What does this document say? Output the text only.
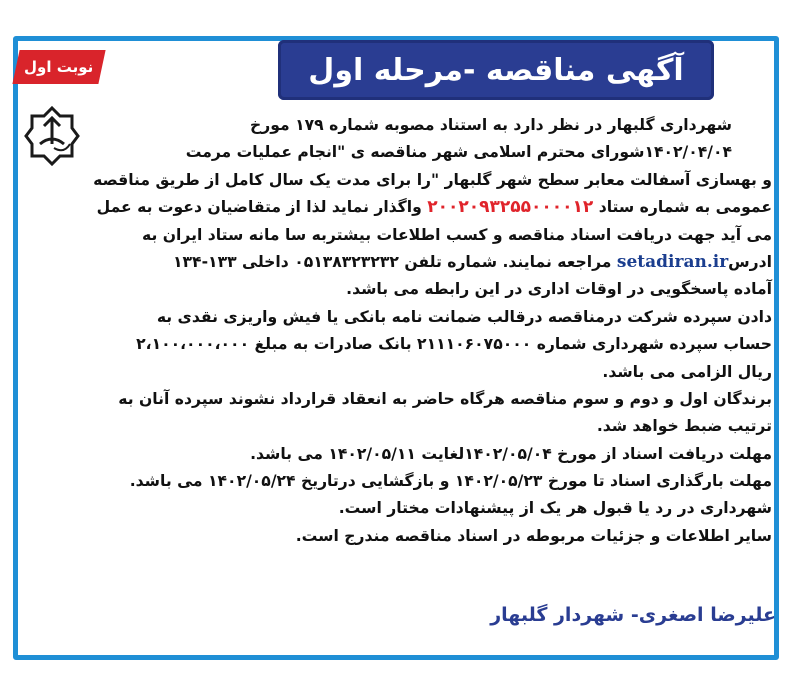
آگهی مناقصه -مرحله اول
نوبت اول
شهرداری گلبهار در نظر دارد به استناد مصوبه شماره ۱۷۹ مورخ
۱۴۰۲/۰۴/۰۴شورای محترم اسلامی شهر مناقصه ی "انجام عملیات مرمت
و بهسازی آسفالت معابر سطح شهر گلبهار "را برای مدت یک سال کامل از طریق مناقصه
عمومی به شماره ستاد ۲۰۰۲۰۹۳۲۵۵۰۰۰۰۱۲ واگذار نماید لذا از متقاضیان دعوت به عمل
می آید جهت دریافت اسناد مناقصه و کسب اطلاعات بیشتربه سا مانه ستاد ایران به
ادرسsetadiran.ir مراجعه نمایند. شماره تلفن ۰۵۱۳۸۳۲۳۲۳۲ داخلی ۱۳۳-۱۳۴
آماده پاسخگویی در اوقات اداری در این رابطه می باشد.
دادن سپرده شرکت درمناقصه درقالب ضمانت نامه بانکی یا فیش واریزی نقدی به
حساب سپرده شهرداری شماره ۲۱۱۱۰۶۰۷۵۰۰۰ بانک صادرات به مبلغ ۲،۱۰۰،۰۰۰،۰۰۰
ریال الزامی می باشد.
برندگان اول و دوم و سوم مناقصه هرگاه حاضر به انعقاد قرارداد نشوند سپرده آنان به
ترتیب ضبط خواهد شد.
مهلت دریافت اسناد از مورخ ۱۴۰۲/۰۵/۰۴لغایت ۱۴۰۲/۰۵/۱۱ می باشد.
مهلت بارگذاری اسناد تا مورخ ۱۴۰۲/۰۵/۲۳ و بازگشایی درتاریخ ۱۴۰۲/۰۵/۲۴ می باشد.
شهرداری در رد یا قبول هر یک از پیشنهادات مختار است.
سایر اطلاعات و جزئیات مربوطه در اسناد مناقصه مندرج است.
علیرضا اصغری- شهردار گلبهار
